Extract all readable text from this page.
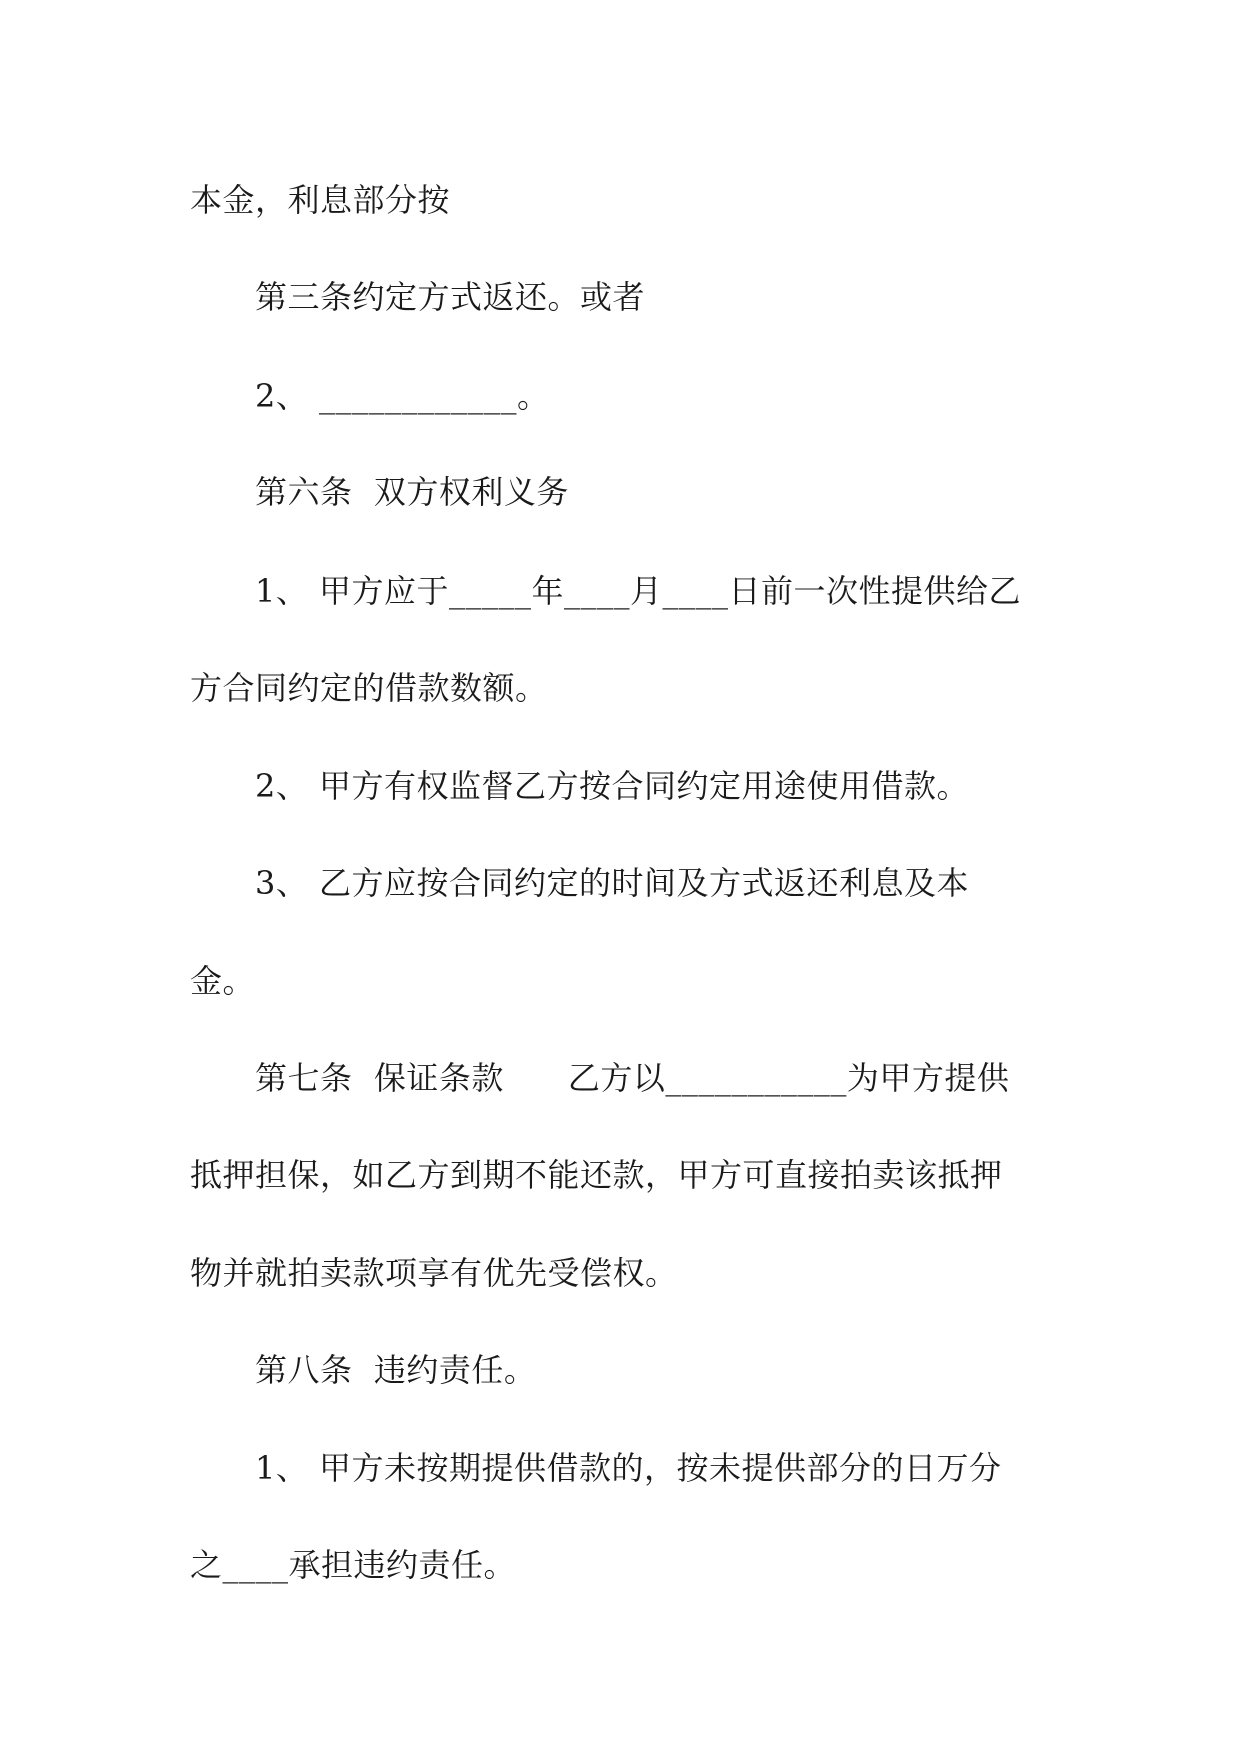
本金，利息部分按
第三条约定方式返还。或者
2、 ____________。
第六条  双方权利义务
1、 甲方应于_____年____月____日前一次性提供给乙
方合同约定的借款数额。
2、 甲方有权监督乙方按合同约定用途使用借款。
3、 乙方应按合同约定的时间及方式返还利息及本
金。
第七条  保证条款      乙方以___________为甲方提供
抵押担保，如乙方到期不能还款，甲方可直接拍卖该抵押
物并就拍卖款项享有优先受偿权。
第八条  违约责任。
1、 甲方未按期提供借款的，按未提供部分的日万分
之____承担违约责任。
